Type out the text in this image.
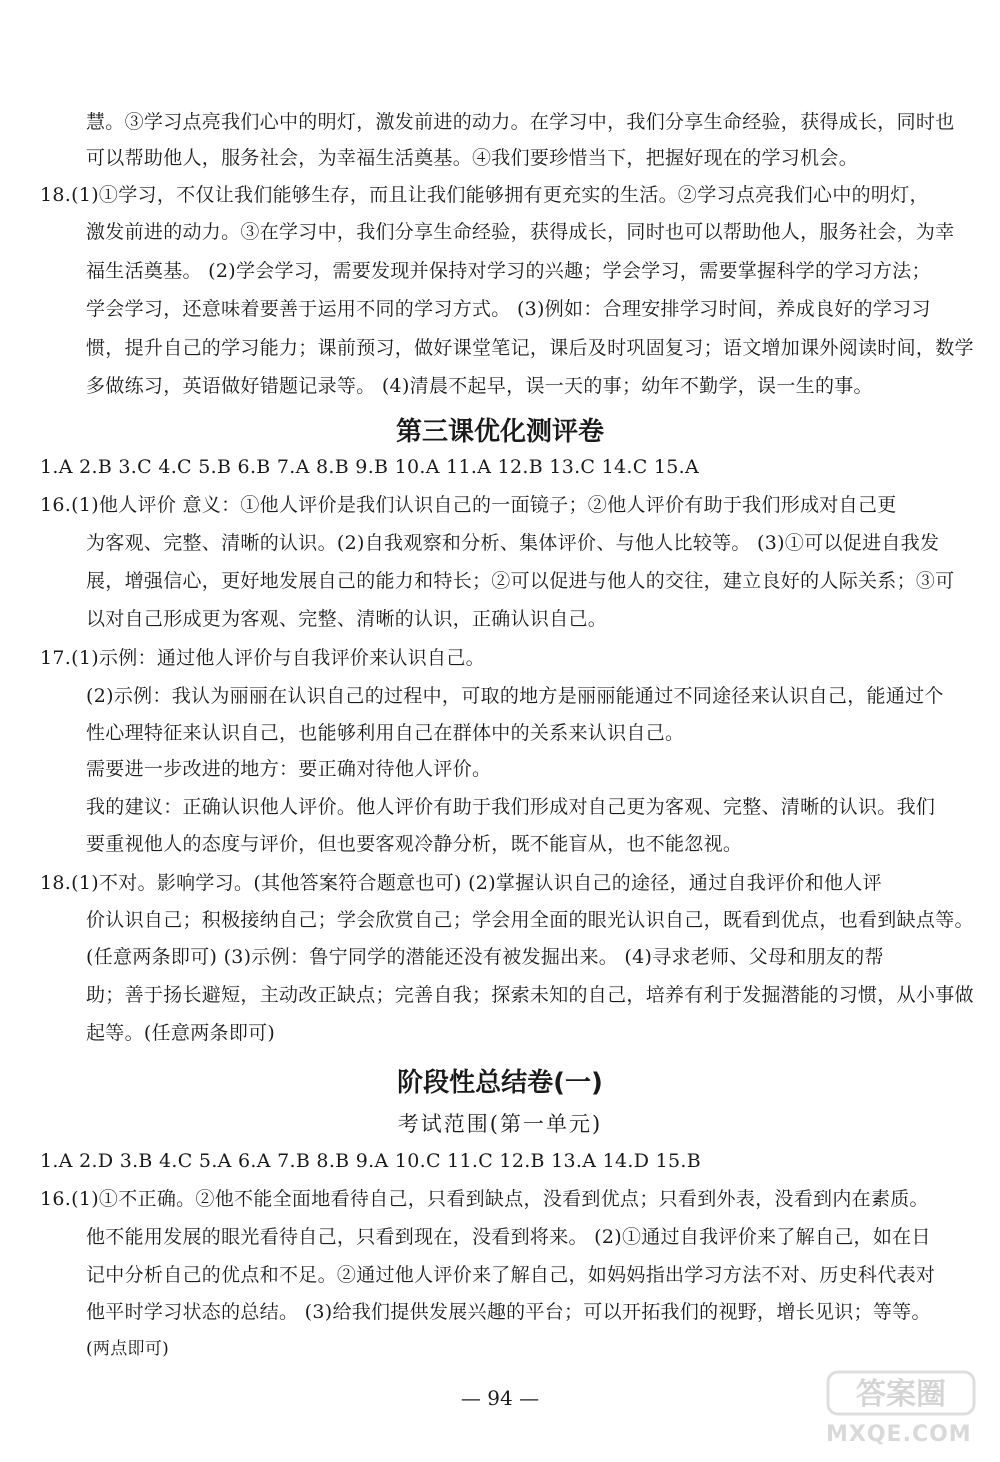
慧。③学习点亮我们心中的明灯，激发前进的动力。在学习中，我们分享生命经验，获得成长，同时也
可以帮助他人，服务社会，为幸福生活奠基。④我们要珍惜当下，把握好现在的学习机会。
18.(1)①学习，不仅让我们能够生存，而且让我们能够拥有更充实的生活。②学习点亮我们心中的明灯，
激发前进的动力。③在学习中，我们分享生命经验，获得成长，同时也可以帮助他人，服务社会，为幸
福生活奠基。 (2)学会学习，需要发现并保持对学习的兴趣；学会学习，需要掌握科学的学习方法；
学会学习，还意味着要善于运用不同的学习方式。 (3)例如：合理安排学习时间，养成良好的学习习
惯，提升自己的学习能力；课前预习，做好课堂笔记，课后及时巩固复习；语文增加课外阅读时间，数学
多做练习，英语做好错题记录等。 (4)清晨不起早，误一天的事；幼年不勤学，误一生的事。
第三课优化测评卷
1.A 2.B 3.C 4.C 5.B 6.B 7.A 8.B 9.B 10.A 11.A 12.B 13.C 14.C 15.A
16.(1)他人评价 意义：①他人评价是我们认识自己的一面镜子；②他人评价有助于我们形成对自己更
为客观、完整、清晰的认识。(2)自我观察和分析、集体评价、与他人比较等。 (3)①可以促进自我发
展，增强信心，更好地发展自己的能力和特长；②可以促进与他人的交往，建立良好的人际关系；③可
以对自己形成更为客观、完整、清晰的认识，正确认识自己。
17.(1)示例：通过他人评价与自我评价来认识自己。
(2)示例：我认为丽丽在认识自己的过程中，可取的地方是丽丽能通过不同途径来认识自己，能通过个
性心理特征来认识自己，也能够利用自己在群体中的关系来认识自己。
需要进一步改进的地方：要正确对待他人评价。
我的建议：正确认识他人评价。他人评价有助于我们形成对自己更为客观、完整、清晰的认识。我们
要重视他人的态度与评价，但也要客观冷静分析，既不能盲从，也不能忽视。
18.(1)不对。影响学习。(其他答案符合题意也可) (2)掌握认识自己的途径，通过自我评价和他人评
价认识自己；积极接纳自己；学会欣赏自己；学会用全面的眼光认识自己，既看到优点，也看到缺点等。
(任意两条即可) (3)示例：鲁宁同学的潜能还没有被发掘出来。 (4)寻求老师、父母和朋友的帮
助；善于扬长避短，主动改正缺点；完善自我；探索未知的自己，培养有利于发掘潜能的习惯，从小事做
起等。(任意两条即可)
阶段性总结卷(一)
考试范围(第一单元)
1.A 2.D 3.B 4.C 5.A 6.A 7.B 8.B 9.A 10.C 11.C 12.B 13.A 14.D 15.B
16.(1)①不正确。②他不能全面地看待自己，只看到缺点，没看到优点；只看到外表，没看到内在素质。
他不能用发展的眼光看待自己，只看到现在，没看到将来。 (2)①通过自我评价来了解自己，如在日
记中分析自己的优点和不足。②通过他人评价来了解自己，如妈妈指出学习方法不对、历史科代表对
他平时学习状态的总结。 (3)给我们提供发展兴趣的平台；可以开拓我们的视野，增长见识；等等。
(两点即可)
— 94 —	答案圈
MXQE.COM
